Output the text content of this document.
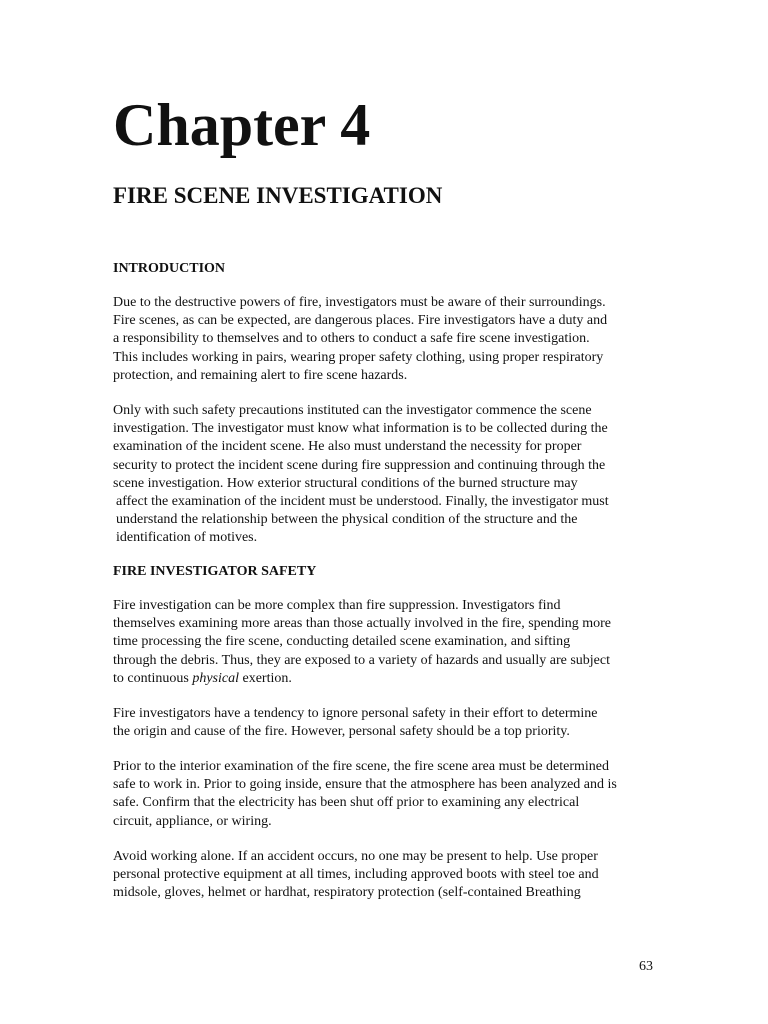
Chapter 4
FIRE SCENE INVESTIGATION
INTRODUCTION

Due to the destructive powers of fire, investigators must be aware of their surroundings.
Fire scenes, as can be expected, are dangerous places. Fire investigators have a duty and
a responsibility to themselves and to others to conduct a safe fire scene investigation.
This includes working in pairs, wearing proper safety clothing, using proper respiratory
protection, and remaining alert to fire scene hazards.

Only with such safety precautions instituted can the investigator commence the scene
investigation. The investigator must know what information is to be collected during the
examination of the incident scene. He also must understand the necessity for proper
security to protect the incident scene during fire suppression and continuing through the
scene investigation. How exterior structural conditions of the burned structure may
affect the examination of the incident must be understood. Finally, the investigator must
understand the relationship between the physical condition of the structure and the
identification of motives.

FIRE INVESTIGATOR SAFETY

Fire investigation can be more complex than fire suppression. Investigators find
themselves examining more areas than those actually involved in the fire, spending more
time processing the fire scene, conducting detailed scene examination, and sifting
through the debris. Thus, they are exposed to a variety of hazards and usually are subject
to continuous physical exertion.

Fire investigators have a tendency to ignore personal safety in their effort to determine
the origin and cause of the fire. However, personal safety should be a top priority.

Prior to the interior examination of the fire scene, the fire scene area must be determined
safe to work in. Prior to going inside, ensure that the atmosphere has been analyzed and is
safe. Confirm that the electricity has been shut off prior to examining any electrical
circuit, appliance, or wiring.

Avoid working alone. If an accident occurs, no one may be present to help. Use proper
personal protective equipment at all times, including approved boots with steel toe and
midsole, gloves, helmet or hardhat, respiratory protection (self-contained Breathing

63
